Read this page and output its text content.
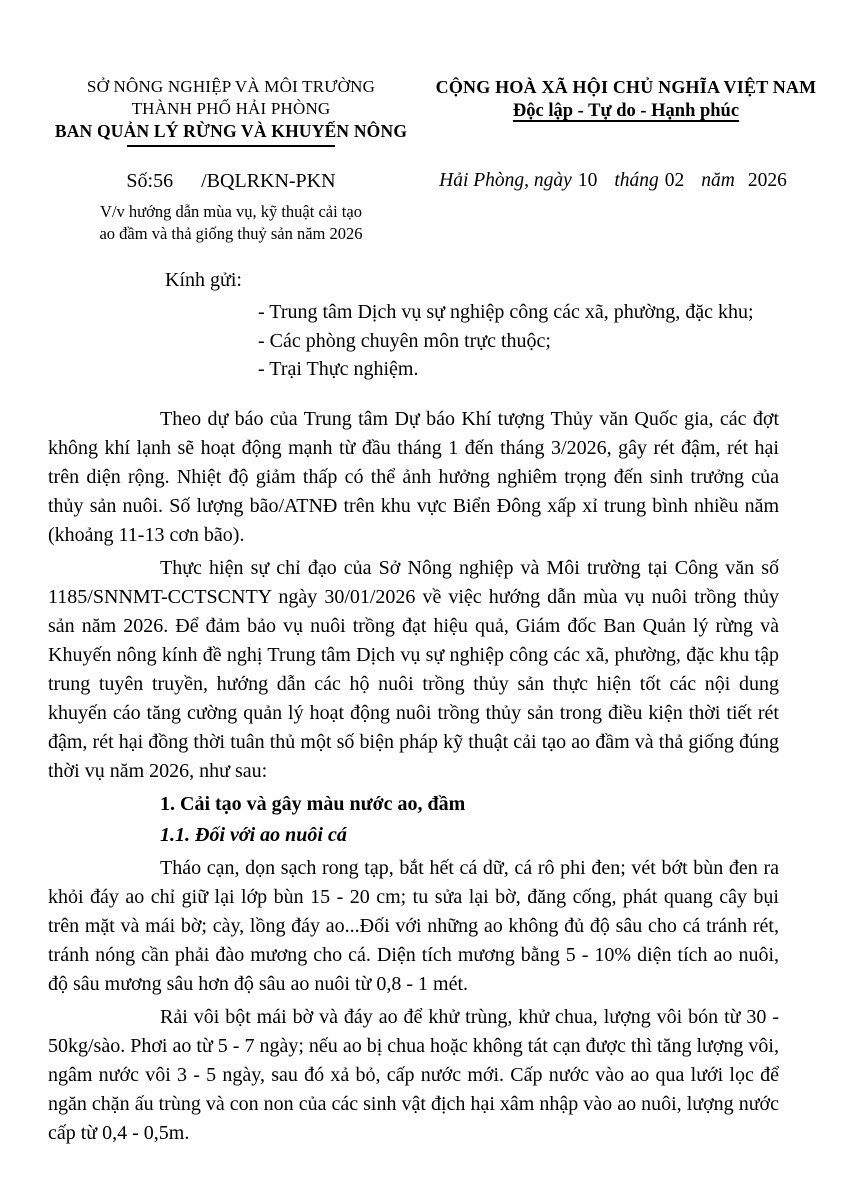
SỞ NÔNG NGHIỆP VÀ MÔI TRƯỜNG
THÀNH PHỐ HẢI PHÒNG
BAN QUẢN LÝ RỪNG VÀ KHUYẾN NÔNG
CỘNG HOÀ XÃ HỘI CHỦ NGHĨA VIỆT NAM
Độc lập - Tự do - Hạnh phúc
Số:56 /BQLRKN-PKN	Hải Phòng, ngày 10 tháng 02 năm 2026
V/v hướng dẫn mùa vụ, kỹ thuật cải tạo
ao đầm và thả giống thuỷ sản năm 2026
Kính gửi:
- Trung tâm Dịch vụ sự nghiệp công các xã, phường, đặc khu;
- Các phòng chuyên môn trực thuộc;
- Trại Thực nghiệm.

Theo dự báo của Trung tâm Dự báo Khí tượng Thủy văn Quốc gia, các đợt không khí lạnh sẽ hoạt động mạnh từ đầu tháng 1 đến tháng 3/2026, gây rét đậm, rét hại trên diện rộng. Nhiệt độ giảm thấp có thể ảnh hưởng nghiêm trọng đến sinh trưởng của thủy sản nuôi. Số lượng bão/ATNĐ trên khu vực Biển Đông xấp xỉ trung bình nhiều năm (khoảng 11-13 cơn bão).

Thực hiện sự chỉ đạo của Sở Nông nghiệp và Môi trường tại Công văn số 1185/SNNMT-CCTSCNTY ngày 30/01/2026 về việc hướng dẫn mùa vụ nuôi trồng thủy sản năm 2026. Để đảm bảo vụ nuôi trồng đạt hiệu quả, Giám đốc Ban Quản lý rừng và Khuyến nông kính đề nghị Trung tâm Dịch vụ sự nghiệp công các xã, phường, đặc khu tập trung tuyên truyền, hướng dẫn các hộ nuôi trồng thủy sản thực hiện tốt các nội dung khuyến cáo tăng cường quản lý hoạt động nuôi trồng thủy sản trong điều kiện thời tiết rét đậm, rét hại đồng thời tuân thủ một số biện pháp kỹ thuật cải tạo ao đầm và thả giống đúng thời vụ năm 2026, như sau:

1. Cải tạo và gây màu nước ao, đầm
1.1. Đối với ao nuôi cá

Tháo cạn, dọn sạch rong tạp, bắt hết cá dữ, cá rô phi đen; vét bớt bùn đen ra khỏi đáy ao chỉ giữ lại lớp bùn 15 - 20 cm; tu sửa lại bờ, đăng cống, phát quang cây bụi trên mặt và mái bờ; cày, lồng đáy ao...Đối với những ao không đủ độ sâu cho cá tránh rét, tránh nóng cần phải đào mương cho cá. Diện tích mương bằng 5 - 10% diện tích ao nuôi, độ sâu mương sâu hơn độ sâu ao nuôi từ 0,8 - 1 mét.

Rải vôi bột mái bờ và đáy ao để khử trùng, khử chua, lượng vôi bón từ 30 - 50kg/sào. Phơi ao từ 5 - 7 ngày; nếu ao bị chua hoặc không tát cạn được thì tăng lượng vôi, ngâm nước vôi 3 - 5 ngày, sau đó xả bỏ, cấp nước mới. Cấp nước vào ao qua lưới lọc để ngăn chặn ấu trùng và con non của các sinh vật địch hại xâm nhập vào ao nuôi, lượng nước cấp từ 0,4 - 0,5m.
